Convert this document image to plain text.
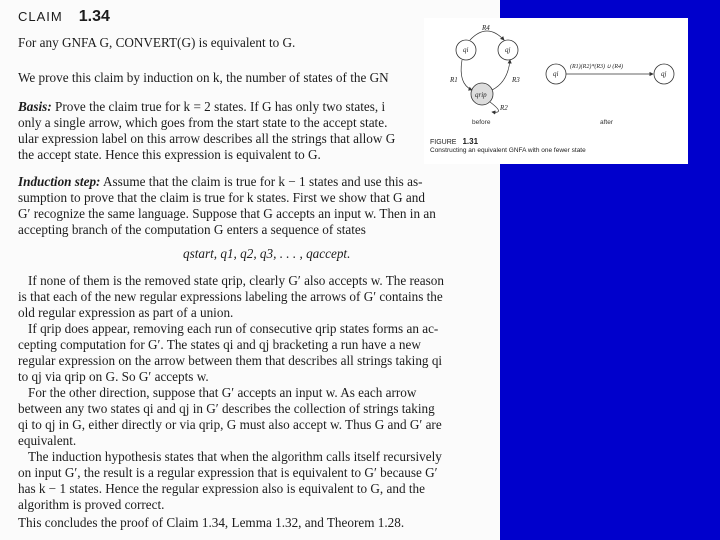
CLAIM 1.34
For any GNFA G, CONVERT(G) is equivalent to G.
We prove this claim by induction on k, the number of states of the GN
Basis: Prove the claim true for k = 2 states. If G has only two states, i
only a single arrow, which goes from the start state to the accept state.
ular expression label on this arrow describes all the strings that allow G
the accept state. Hence this expression is equivalent to G.
Induction step: Assume that the claim is true for k − 1 states and use this as-
sumption to prove that the claim is true for k states. First we show that G and
G′ recognize the same language. Suppose that G accepts an input w. Then in an
accepting branch of the computation G enters a sequence of states
qstart, q1, q2, q3, . . . , qaccept.
If none of them is the removed state qrip, clearly G′ also accepts w. The reason
is that each of the new regular expressions labeling the arrows of G′ contains the
old regular expression as part of a union.
If qrip does appear, removing each run of consecutive qrip states forms an ac-
cepting computation for G′. The states qi and qj bracketing a run have a new
regular expression on the arrow between them that describes all strings taking qi
to qj via qrip on G. So G′ accepts w.
For the other direction, suppose that G′ accepts an input w. As each arrow
between any two states qi and qj in G′ describes the collection of strings taking
qi to qj in G, either directly or via qrip, G must also accept w. Thus G and G′ are
equivalent.
The induction hypothesis states that when the algorithm calls itself recursively
on input G′, the result is a regular expression that is equivalent to G′ because G′
has k − 1 states. Hence the regular expression also is equivalent to G, and the
algorithm is proved correct.
This concludes the proof of Claim 1.34, Lemma 1.32, and Theorem 1.28.
qi	qj
qrip
R4
R1	R3
R2
before
qi	qj
(R1)(R2)*(R3) ∪ (R4)
after
FIGURE 1.31
Constructing an equivalent GNFA with one fewer state
